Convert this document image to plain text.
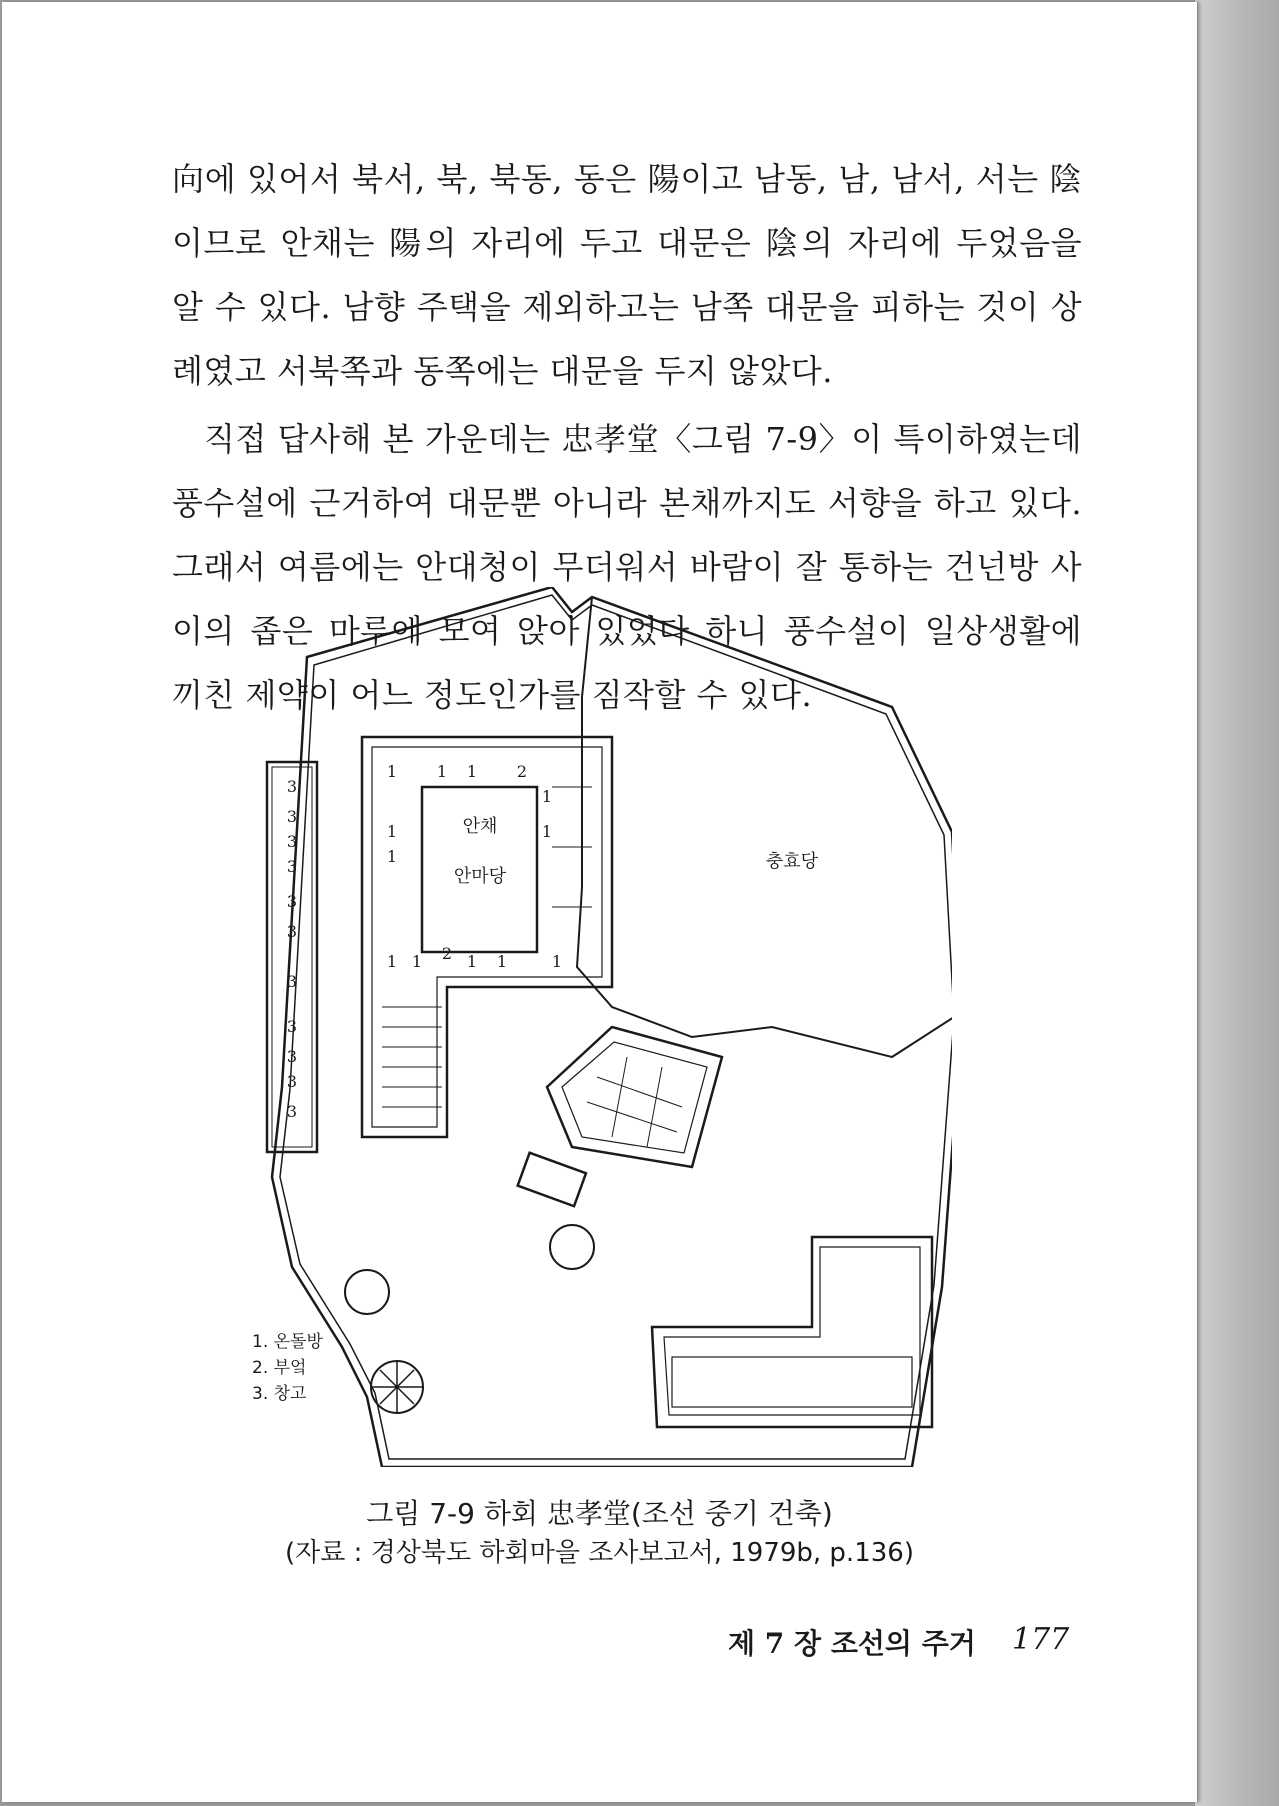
向에 있어서 북서, 북, 북동, 동은 陽이고 남동, 남, 남서, 서는 陰이므로 안채는 陽의 자리에 두고 대문은 陰의 자리에 두었음을 알 수 있다. 남향 주택을 제외하고는 남쪽 대문을 피하는 것이 상례였고 서북쪽과 동쪽에는 대문을 두지 않았다.

직접 답사해 본 가운데는 忠孝堂〈그림 7-9〉이 특이하였는데 풍수설에 근거하여 대문뿐 아니라 본채까지도 서향을 하고 있다. 그래서 여름에는 안대청이 무더워서 바람이 잘 통하는 건넌방 사이의 좁은 마루에 모여 앉아 있었다 하니 풍수설이 일상생활에 끼친 제약이 어느 정도인가를 짐작할 수 있다.

1 1 1 2
1
1
1
1
1 1 2 1 1	1
3
3
3
3
3
3
3
3
3
3
3
안채
안마당
충효당
1. 온돌방
2. 부엌
3. 창고
그림 7-9 하회 忠孝堂(조선 중기 건축)
(자료 : 경상북도 하회마을 조사보고서, 1979b, p.136)
제 7 장 조선의 주거 177
